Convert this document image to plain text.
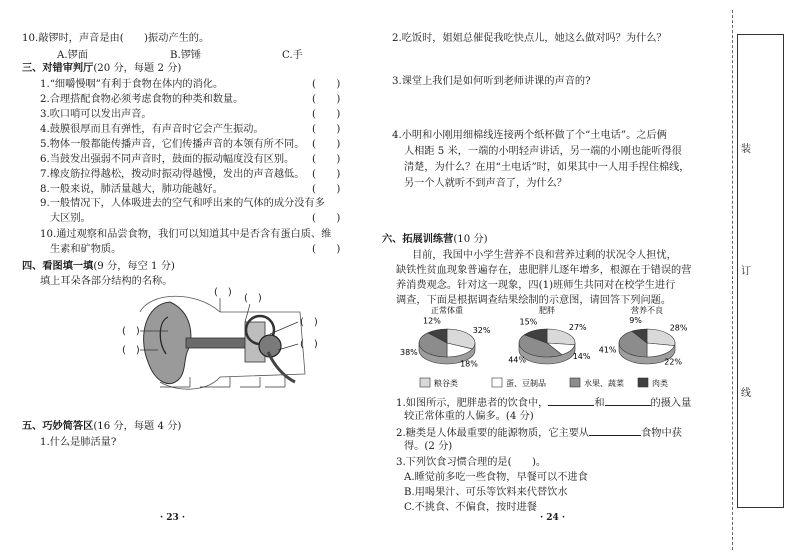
10.敲锣时，声音是由(　　)振动产生的。
A.锣面	B.锣锤	C.手
三、对错审判厅(20 分，每题 2 分)
1.“细嚼慢咽”有利于食物在体内的消化。	(　　)
2.合理搭配食物必须考虑食物的种类和数量。	(　　)
3.吹口哨可以发出声音。	(　　)
4.鼓膜很厚而且有弹性，有声音时它会产生振动。	(　　)
5.物体一般都能传播声音，它们传播声音的本领有所不同。 (　　)
6.当鼓发出强弱不同声音时，鼓面的振动幅度没有区别。 (　　)
7.橡皮筋拉得越松，拨动时振动得越慢，发出的声音越低。 (　　)
8.一般来说，肺活量越大，肺功能越好。	(　　)
9.一般情况下，人体吸进去的空气和呼出来的气体的成分没有多
大区别。	(　　)
10.通过观察和品尝食物，我们可以知道其中是否含有蛋白质、维
生素和矿物质。	(　　)
四、看图填一填(9 分，每空 1 分)
填上耳朵各部分结构的名称。
(　)
(　)
(　)
(　)
(　)
(　)
五、巧妙简答区(16 分，每题 4 分)
1.什么是肺活量?
· 23 ·
2.吃饭时，姐姐总催促我吃快点儿，她这么做对吗？为什么？
3.课堂上我们是如何听到老师讲课的声音的?
4.小明和小刚用细棉线连接两个纸杯做了个“土电话”。之后俩
人相距 5 米，一端的小明轻声讲话，另一端的小刚也能听得很
清楚，为什么？在用“土电话”时，如果其中一人用手捏住棉线，
另一个人就听不到声音了，为什么？
六、拓展训练营(10 分)
目前，我国中小学生营养不良和营养过剩的状况令人担忧，
缺铁性贫血现象普遍存在，患肥胖儿逐年增多，根源在于错误的营
养消费观念。针对这一现象，四(1)班师生共同对在校学生进行
调查，下面是根据调查结果绘制的示意图，请回答下列问题。
正常体重
32%
18%
38%
12%
肥胖
27%
14%
44%
15%
营养不良
28%
22%
41%
9%
粮谷类	蛋、豆制品	水果、蔬菜	肉类
1.如图所示，肥胖患者的饮食中，	和	的摄入量
较正常体重的人偏多。(4 分)
2.糖类是人体最重要的能源物质，它主要从	食物中获
得。(2 分)
3.下列饮食习惯合理的是(　　)。
A.睡觉前多吃一些食物，早餐可以不进食
B.用喝果汁、可乐等饮料来代替饮水
C.不挑食、不偏食，按时进餐
· 24 ·
装
订
线
